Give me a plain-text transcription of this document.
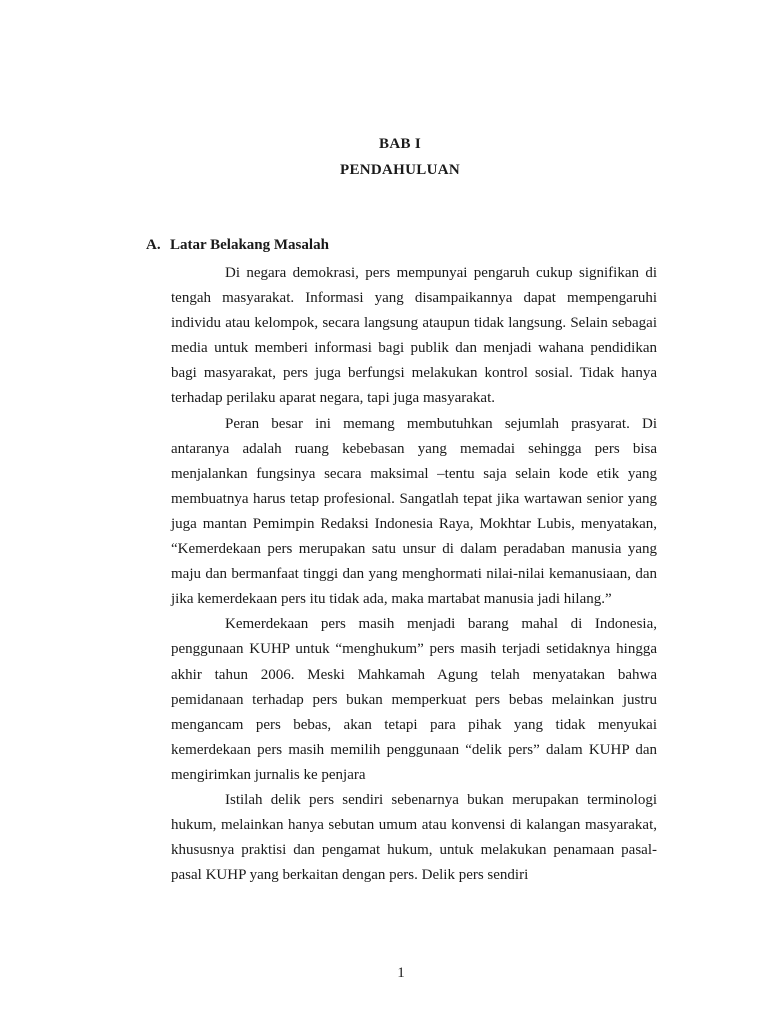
BAB I
PENDAHULUAN
A. Latar Belakang Masalah

Di negara demokrasi, pers mempunyai pengaruh cukup signifikan di tengah masyarakat. Informasi yang disampaikannya dapat mempengaruhi individu atau kelompok, secara langsung ataupun tidak langsung. Selain sebagai media untuk memberi informasi bagi publik dan menjadi wahana pendidikan bagi masyarakat, pers juga berfungsi melakukan kontrol sosial. Tidak hanya terhadap perilaku aparat negara, tapi juga masyarakat.

Peran besar ini memang membutuhkan sejumlah prasyarat. Di antaranya adalah ruang kebebasan yang memadai sehingga pers bisa menjalankan fungsinya secara maksimal –tentu saja selain kode etik yang membuatnya harus tetap profesional. Sangatlah tepat jika wartawan senior yang juga mantan Pemimpin Redaksi Indonesia Raya, Mokhtar Lubis, menyatakan, “Kemerdekaan pers merupakan satu unsur di dalam peradaban manusia yang maju dan bermanfaat tinggi dan yang menghormati nilai-nilai kemanusiaan, dan jika kemerdekaan pers itu tidak ada, maka martabat manusia jadi hilang.”

Kemerdekaan pers masih menjadi barang mahal di Indonesia, penggunaan KUHP untuk “menghukum” pers masih terjadi setidaknya hingga akhir tahun 2006. Meski Mahkamah Agung telah menyatakan bahwa pemidanaan terhadap pers bukan memperkuat pers bebas melainkan justru mengancam pers bebas, akan tetapi para pihak yang tidak menyukai kemerdekaan pers masih memilih penggunaan “delik pers” dalam KUHP dan mengirimkan jurnalis ke penjara

Istilah delik pers sendiri sebenarnya bukan merupakan terminologi hukum, melainkan hanya sebutan umum atau konvensi di kalangan masyarakat, khususnya praktisi dan pengamat hukum, untuk melakukan penamaan pasal-pasal KUHP yang berkaitan dengan pers. Delik pers sendiri

1
